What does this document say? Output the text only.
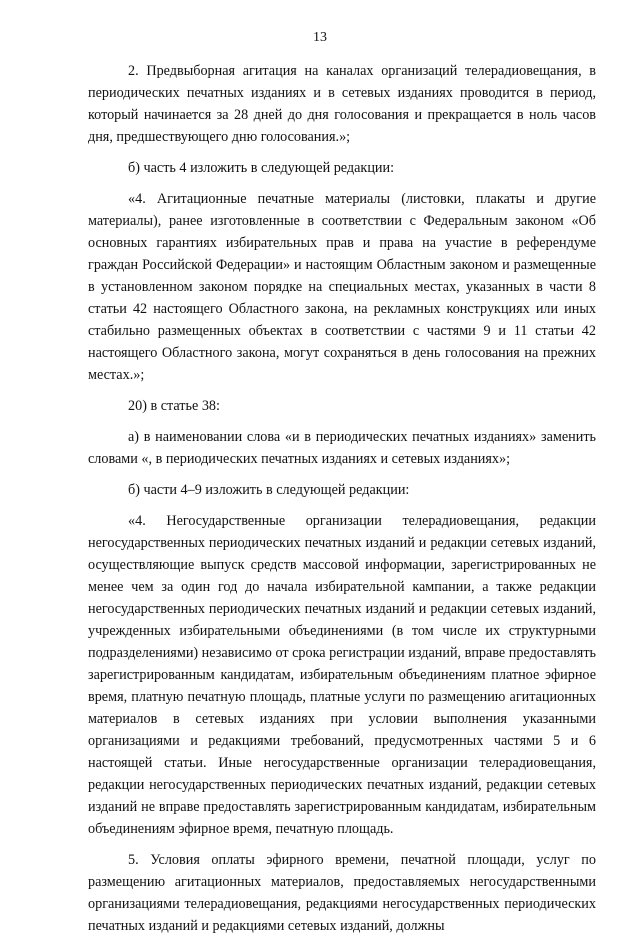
13

2. Предвыборная агитация на каналах организаций телерадиовещания, в периодических печатных изданиях и в сетевых изданиях проводится в период, который начинается за 28 дней до дня голосования и прекращается в ноль часов дня, предшествующего дню голосования.»;

б) часть 4 изложить в следующей редакции:

«4. Агитационные печатные материалы (листовки, плакаты и другие материалы), ранее изготовленные в соответствии с Федеральным законом «Об основных гарантиях избирательных прав и права на участие в референдуме граждан Российской Федерации» и настоящим Областным законом и размещенные в установленном законом порядке на специальных местах, указанных в части 8 статьи 42 настоящего Областного закона, на рекламных конструкциях или иных стабильно размещенных объектах в соответствии с частями 9 и 11 статьи 42 настоящего Областного закона, могут сохраняться в день голосования на прежних местах.»;

20) в статье 38:

а) в наименовании слова «и в периодических печатных изданиях» заменить словами «, в периодических печатных изданиях и сетевых изданиях»;

б) части 4–9 изложить в следующей редакции:

«4. Негосударственные организации телерадиовещания, редакции негосударственных периодических печатных изданий и редакции сетевых изданий, осуществляющие выпуск средств массовой информации, зарегистрированных не менее чем за один год до начала избирательной кампании, а также редакции негосударственных периодических печатных изданий и редакции сетевых изданий, учрежденных избирательными объединениями (в том числе их структурными подразделениями) независимо от срока регистрации изданий, вправе предоставлять зарегистрированным кандидатам, избирательным объединениям платное эфирное время, платную печатную площадь, платные услуги по размещению агитационных материалов в сетевых изданиях при условии выполнения указанными организациями и редакциями требований, предусмотренных частями 5 и 6 настоящей статьи. Иные негосударственные организации телерадиовещания, редакции негосударственных периодических печатных изданий, редакции сетевых изданий не вправе предоставлять зарегистрированным кандидатам, избирательным объединениям эфирное время, печатную площадь.

5. Условия оплаты эфирного времени, печатной площади, услуг по размещению агитационных материалов, предоставляемых негосударственными организациями телерадиовещания, редакциями негосударственных периодических печатных изданий и редакциями сетевых изданий, должны
